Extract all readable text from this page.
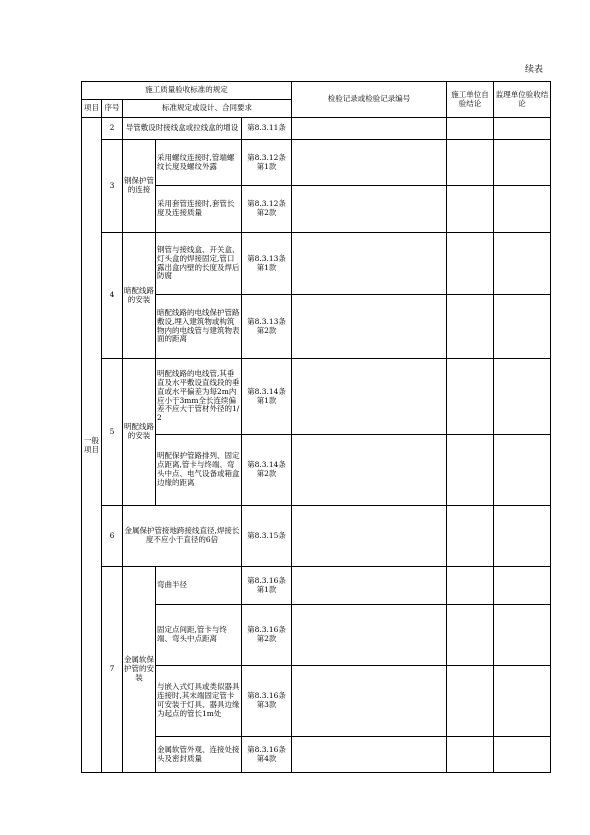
续表
施工质量验收标准的规定					检验记录或检验记录编号	施工单位自验结论	监理单位验收结论
项目	序号	标准规定或设计、合同要求					
一般项目	2	导管敷设时接线盒或拉线盒的增设		第8.3.11条			

	3	钢保护管的连接	采用螺纹连接时,管端螺纹长度及螺纹外露	第8.3.12条
第1款			

			采用套管连接时,套管长度及连接质量	第8.3.12条
第2款			

	4	暗配线路的安装	钢管与接线盒、开关盒、灯头盒的焊接固定,管口露出盒内壁的长度及焊后防腐	第8.3.13条
第1款			

			暗配线路的电线保护管路敷设,埋入建筑物或构筑物内的电线管与建筑物表面的距离	第8.3.13条
第2款			

	5	明配线路的安装	明配线路的电线管,其垂直及水平敷设直线段的垂直或水平偏差为每2m内应小于3mm全长连续偏差不应大于管材外径的1/2	第8.3.14条
第1款			

			明配保护管路排列、固定点距离,管卡与终端、弯头中点、电气设备或箱盒边缘的距离	第8.3.14条
第2款			

	6	金属保护管接地跨接线直径,焊接长度不应小于直径的6倍		第8.3.15条			

	7	金属软保护管的安装	弯曲半径	第8.3.16条
第1款			

			固定点间距,管卡与终端、弯头中点距离	第8.3.16条
第2款			

			与嵌入式灯具或类似器具连接时,其末端固定管卡可安装于灯具、器具边缘为起点的管长1m处	第8.3.16条
第3款			

			金属软管外观、连接处接头及密封质量	第8.3.16条
第4款			
